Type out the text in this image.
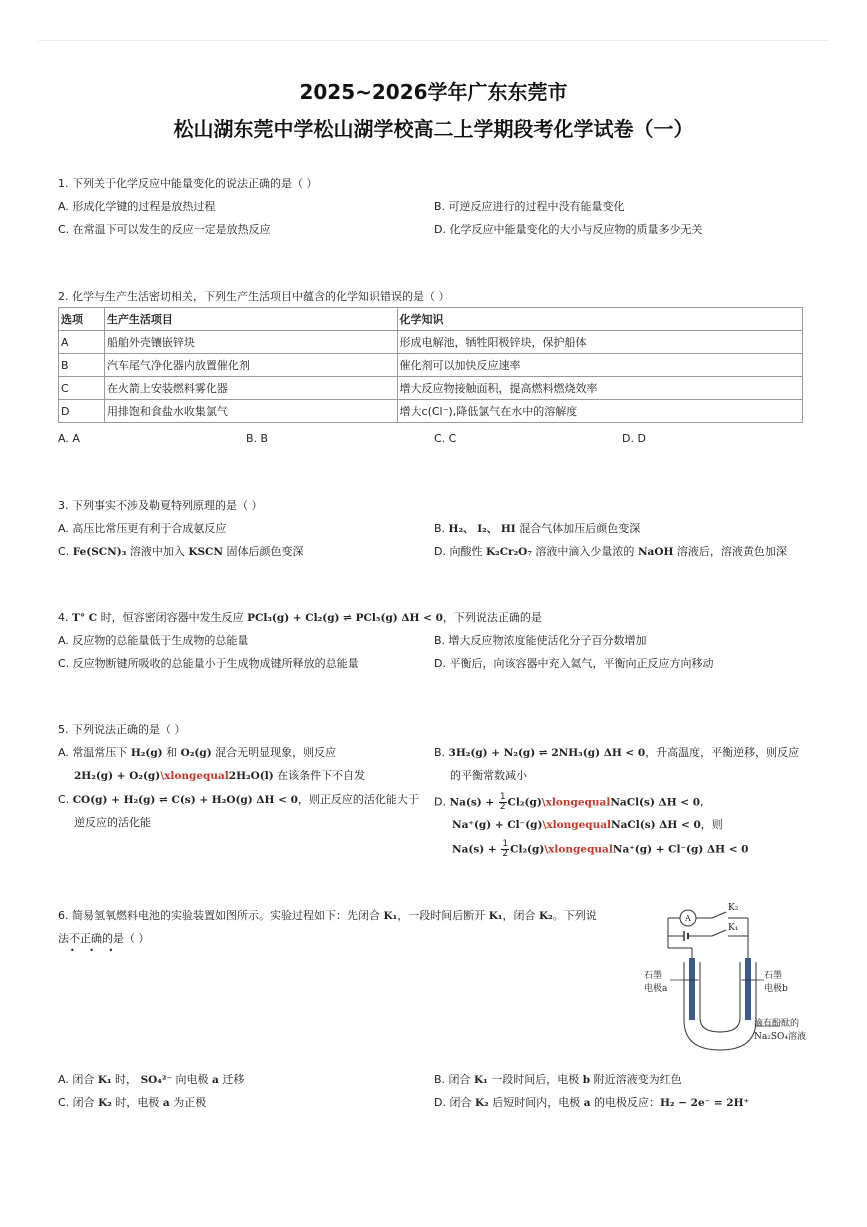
2025~2026学年广东东莞市
松山湖东莞中学松山湖学校高二上学期段考化学试卷（一）
1. 下列关于化学反应中能量变化的说法正确的是（ ）
A. 形成化学键的过程是放热过程	B. 可逆反应进行的过程中没有能量变化
C. 在常温下可以发生的反应一定是放热反应	D. 化学反应中能量变化的大小与反应物的质量多少无关
2. 化学与生产生活密切相关，下列生产生活项目中蕴含的化学知识错误的是（ ）
选项	生产生活项目	化学知识
A	船舶外壳镶嵌锌块	形成电解池，牺牲阳极锌块，保护船体
B	汽车尾气净化器内放置催化剂	催化剂可以加快反应速率
C	在火箭上安装燃料雾化器	增大反应物接触面积，提高燃料燃烧效率
D	用排饱和食盐水收集氯气	增大c(Cl⁻),降低氯气在水中的溶解度
A. A	B. B	C. C	D. D
3. 下列事实不涉及勒夏特列原理的是（ ）
A. 高压比常压更有利于合成氨反应	B. H₂、 I₂、 HI 混合气体加压后颜色变深
C. Fe(SCN)₃ 溶液中加入 KSCN 固体后颜色变深	D. 向酸性 K₂Cr₂O₇ 溶液中滴入少量浓的 NaOH 溶液后，溶液黄色加深
4. T° C 时，恒容密闭容器中发生反应 PCl₃(g) + Cl₂(g) ⇌ PCl₅(g) ΔH < 0，下列说法正确的是
A. 反应物的总能量低于生成物的总能量	B. 增大反应物浓度能使活化分子百分数增加
C. 反应物断键所吸收的总能量小于生成物成键所释放的总能量	D. 平衡后，向该容器中充入氦气，平衡向正反应方向移动
5. 下列说法正确的是（ ）
A. 常温常压下 H₂(g) 和 O₂(g) 混合无明显现象，则反应
2H₂(g) + O₂(g)\xlongequal2H₂O(l) 在该条件下不自发
B. 3H₂(g) + N₂(g) ⇌ 2NH₃(g) ΔH < 0，升高温度，平衡逆移，则反应
的平衡常数减小
C. CO(g) + H₂(g) ⇌ C(s) + H₂O(g) ΔH < 0，则正反应的活化能大于
逆反应的活化能
D. $Na(s) + \frac{1}{2}$ Cl₂(g)\xlongequalNaCl(s) ΔH < 0,
Na⁺(g) + Cl⁻(g)\xlongequalNaCl(s) ΔH < 0，则
$Na(s) + \frac{1}{2}$ Cl₂(g)\xlongequalNa⁺(g) + Cl⁻(g) ΔH < 0
6. 简易氢氧燃料电池的实验装置如图所示。实验过程如下：先闭合 K₁，一段时间后断开 K₁，闭合 K₂。下列说
法不正确的是（ ）
• • •
A
K₂
K₁
石墨
电极a
石墨
电极b
滴有酚酞的
Na₂SO₄溶液
A. 闭合 K₁ 时， SO₄²⁻ 向电极 a 迁移	B. 闭合 K₁ 一段时间后，电极 b 附近溶液变为红色
C. 闭合 K₂ 时，电极 a 为正极	D. 闭合 K₂ 后短时间内，电极 a 的电极反应：H₂ − 2e⁻ = 2H⁺
